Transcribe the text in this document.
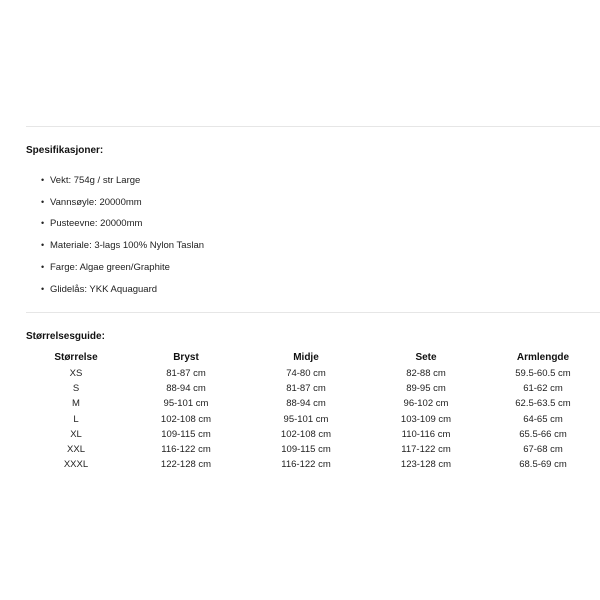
Spesifikasjoner:
• Vekt: 754g / str Large
• Vannsøyle: 20000mm
• Pusteevne: 20000mm
• Materiale: 3-lags 100% Nylon Taslan
• Farge: Algae green/Graphite
• Glidelås: YKK Aquaguard
Størrelsesguide:
Størrelse	Bryst	Midje	Sete	Armlengde
XS	81-87 cm	74-80 cm	82-88 cm	59.5-60.5 cm
S	88-94 cm	81-87 cm	89-95 cm	61-62 cm
M	95-101 cm	88-94 cm	96-102 cm	62.5-63.5 cm
L	102-108 cm	95-101 cm	103-109 cm	64-65 cm
XL	109-115 cm	102-108 cm	110-116 cm	65.5-66 cm
XXL	116-122 cm	109-115 cm	117-122 cm	67-68 cm
XXXL	122-128 cm	116-122 cm	123-128 cm	68.5-69 cm
